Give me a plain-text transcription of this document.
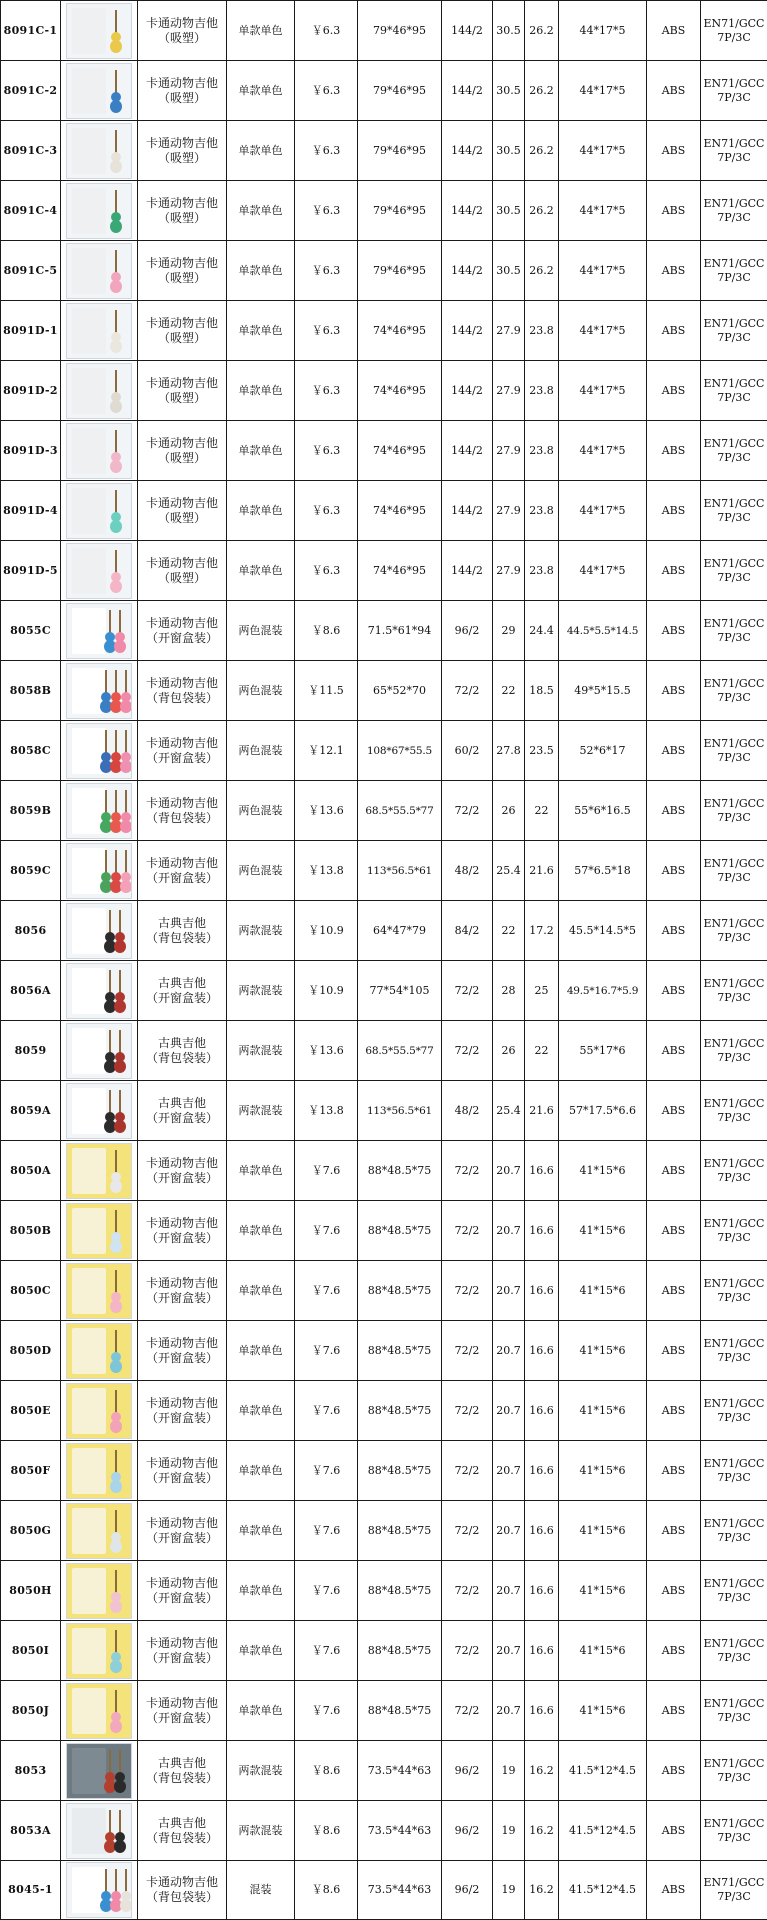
8091C-1		卡通动物吉他
（吸塑）	单款单色	￥6.3	79*46*95	144/2	30.5	26.2	44*17*5	ABS	EN71/GCC
7P/3C

8091C-2		卡通动物吉他
（吸塑）	单款单色	￥6.3	79*46*95	144/2	30.5	26.2	44*17*5	ABS	EN71/GCC
7P/3C

8091C-3		卡通动物吉他
（吸塑）	单款单色	￥6.3	79*46*95	144/2	30.5	26.2	44*17*5	ABS	EN71/GCC
7P/3C

8091C-4		卡通动物吉他
（吸塑）	单款单色	￥6.3	79*46*95	144/2	30.5	26.2	44*17*5	ABS	EN71/GCC
7P/3C

8091C-5		卡通动物吉他
（吸塑）	单款单色	￥6.3	79*46*95	144/2	30.5	26.2	44*17*5	ABS	EN71/GCC
7P/3C

8091D-1		卡通动物吉他
（吸塑）	单款单色	￥6.3	74*46*95	144/2	27.9	23.8	44*17*5	ABS	EN71/GCC
7P/3C

8091D-2		卡通动物吉他
（吸塑）	单款单色	￥6.3	74*46*95	144/2	27.9	23.8	44*17*5	ABS	EN71/GCC
7P/3C

8091D-3		卡通动物吉他
（吸塑）	单款单色	￥6.3	74*46*95	144/2	27.9	23.8	44*17*5	ABS	EN71/GCC
7P/3C

8091D-4		卡通动物吉他
（吸塑）	单款单色	￥6.3	74*46*95	144/2	27.9	23.8	44*17*5	ABS	EN71/GCC
7P/3C

8091D-5		卡通动物吉他
（吸塑）	单款单色	￥6.3	74*46*95	144/2	27.9	23.8	44*17*5	ABS	EN71/GCC
7P/3C

8055C		卡通动物吉他
（开窗盒装）	两色混装	￥8.6	71.5*61*94	96/2	29	24.4	44.5*5.5*14.5	ABS	EN71/GCC
7P/3C

8058B		卡通动物吉他
（背包袋装）	两色混装	￥11.5	65*52*70	72/2	22	18.5	49*5*15.5	ABS	EN71/GCC
7P/3C

8058C		卡通动物吉他
（开窗盒装）	两色混装	￥12.1	108*67*55.5	60/2	27.8	23.5	52*6*17	ABS	EN71/GCC
7P/3C

8059B		卡通动物吉他
（背包袋装）	两色混装	￥13.6	68.5*55.5*77	72/2	26	22	55*6*16.5	ABS	EN71/GCC
7P/3C

8059C		卡通动物吉他
（开窗盒装）	两色混装	￥13.8	113*56.5*61	48/2	25.4	21.6	57*6.5*18	ABS	EN71/GCC
7P/3C

8056		古典吉他
（背包袋装）	两款混装	￥10.9	64*47*79	84/2	22	17.2	45.5*14.5*5	ABS	EN71/GCC
7P/3C

8056A		古典吉他
（开窗盒装）	两款混装	￥10.9	77*54*105	72/2	28	25	49.5*16.7*5.9	ABS	EN71/GCC
7P/3C

8059		古典吉他
（背包袋装）	两款混装	￥13.6	68.5*55.5*77	72/2	26	22	55*17*6	ABS	EN71/GCC
7P/3C

8059A		古典吉他
（开窗盒装）	两款混装	￥13.8	113*56.5*61	48/2	25.4	21.6	57*17.5*6.6	ABS	EN71/GCC
7P/3C

8050A		卡通动物吉他
（开窗盒装）	单款单色	￥7.6	88*48.5*75	72/2	20.7	16.6	41*15*6	ABS	EN71/GCC
7P/3C

8050B		卡通动物吉他
（开窗盒装）	单款单色	￥7.6	88*48.5*75	72/2	20.7	16.6	41*15*6	ABS	EN71/GCC
7P/3C

8050C		卡通动物吉他
（开窗盒装）	单款单色	￥7.6	88*48.5*75	72/2	20.7	16.6	41*15*6	ABS	EN71/GCC
7P/3C

8050D		卡通动物吉他
（开窗盒装）	单款单色	￥7.6	88*48.5*75	72/2	20.7	16.6	41*15*6	ABS	EN71/GCC
7P/3C

8050E		卡通动物吉他
（开窗盒装）	单款单色	￥7.6	88*48.5*75	72/2	20.7	16.6	41*15*6	ABS	EN71/GCC
7P/3C

8050F		卡通动物吉他
（开窗盒装）	单款单色	￥7.6	88*48.5*75	72/2	20.7	16.6	41*15*6	ABS	EN71/GCC
7P/3C

8050G		卡通动物吉他
（开窗盒装）	单款单色	￥7.6	88*48.5*75	72/2	20.7	16.6	41*15*6	ABS	EN71/GCC
7P/3C

8050H		卡通动物吉他
（开窗盒装）	单款单色	￥7.6	88*48.5*75	72/2	20.7	16.6	41*15*6	ABS	EN71/GCC
7P/3C

8050I		卡通动物吉他
（开窗盒装）	单款单色	￥7.6	88*48.5*75	72/2	20.7	16.6	41*15*6	ABS	EN71/GCC
7P/3C

8050J		卡通动物吉他
（开窗盒装）	单款单色	￥7.6	88*48.5*75	72/2	20.7	16.6	41*15*6	ABS	EN71/GCC
7P/3C

8053		古典吉他
（背包袋装）	两款混装	￥8.6	73.5*44*63	96/2	19	16.2	41.5*12*4.5	ABS	EN71/GCC
7P/3C

8053A		古典吉他
（背包袋装）	两款混装	￥8.6	73.5*44*63	96/2	19	16.2	41.5*12*4.5	ABS	EN71/GCC
7P/3C

8045-1		卡通动物吉他
（背包袋装）	混装	￥8.6	73.5*44*63	96/2	19	16.2	41.5*12*4.5	ABS	EN71/GCC
7P/3C
